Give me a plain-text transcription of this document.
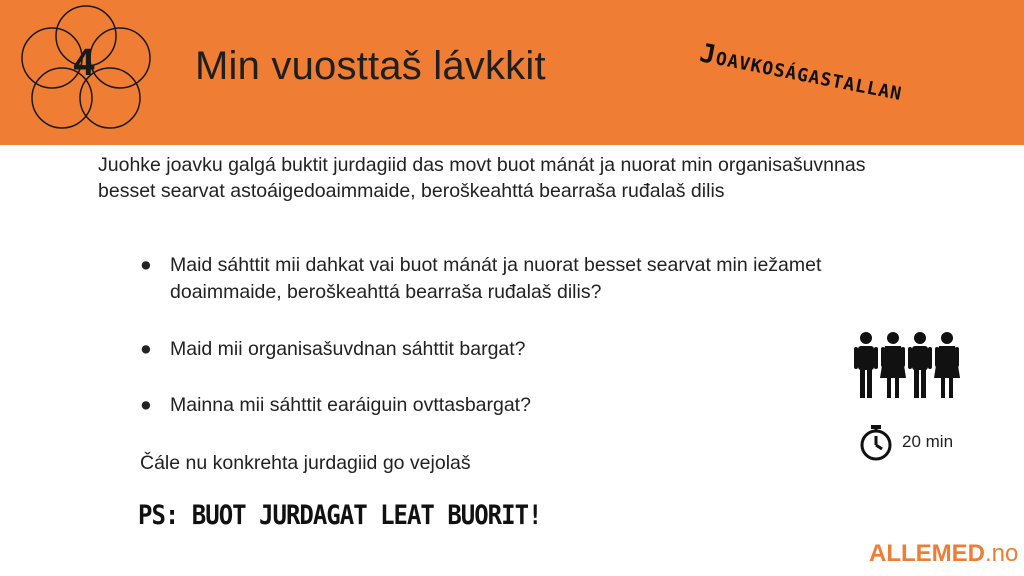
4	Min vuosttaš lávkkit	Joavkoságastallan
Juohke joavku galgá buktit jurdagiid das movt buot mánát ja nuorat min organisašuvnnas besset searvat astoáigedoaimmaide, beroškeahttá bearraša ruđalaš dilis
● Maid sáhttit mii dahkat vai buot mánát ja nuorat besset searvat min iežamet doaimmaide, beroškeahttá bearraša ruđalaš dilis?
● Maid mii organisašuvdnan sáhttit bargat?
● Mainna mii sáhttit earáiguin ovttasbargat?
Čále nu konkrehta jurdagiid go vejolaš
PS: BUOT JURDAGAT LEAT BUORIT!
20 min
ALLEMED.no
